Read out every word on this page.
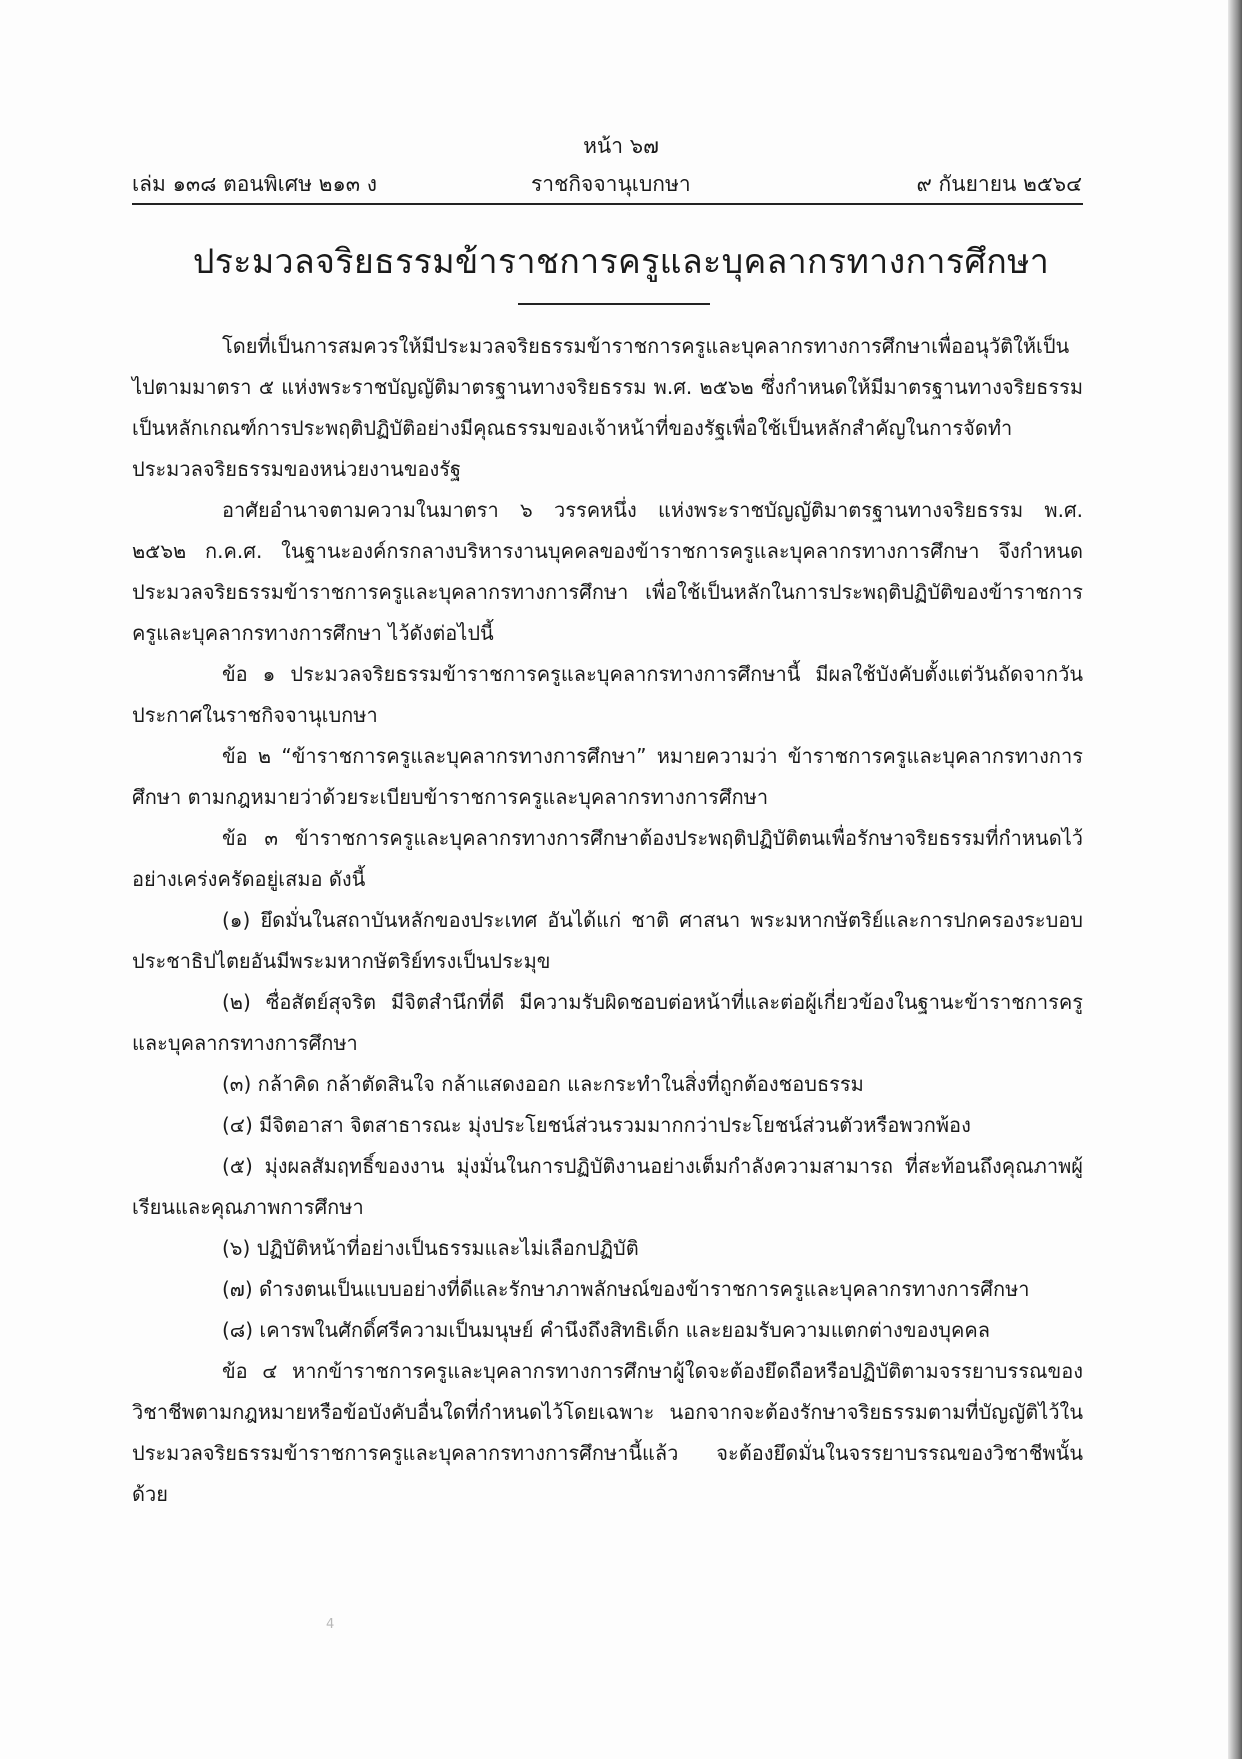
หน้า ๖๗
เล่ม ๑๓๘ ตอนพิเศษ ๒๑๓ ง	ราชกิจจานุเบกษา	๙ กันยายน ๒๕๖๔
ประมวลจริยธรรมข้าราชการครูและบุคลากรทางการศึกษา

โดยที่เป็นการสมควรให้มีประมวลจริยธรรมข้าราชการครูและบุคลากรทางการศึกษาเพื่ออนุวัติให้เป็นไปตามมาตรา ๕ แห่งพระราชบัญญัติมาตรฐานทางจริยธรรม พ.ศ. ๒๕๖๒ ซึ่งกำหนดให้มีมาตรฐานทางจริยธรรมเป็นหลักเกณฑ์การประพฤติปฏิบัติอย่างมีคุณธรรมของเจ้าหน้าที่ของรัฐเพื่อใช้เป็นหลักสำคัญในการจัดทำประมวลจริยธรรมของหน่วยงานของรัฐ

อาศัยอำนาจตามความในมาตรา ๖ วรรคหนึ่ง แห่งพระราชบัญญัติมาตรฐานทางจริยธรรม พ.ศ. ๒๕๖๒ ก.ค.ศ. ในฐานะองค์กรกลางบริหารงานบุคคลของข้าราชการครูและบุคลากรทางการศึกษา จึงกำหนดประมวลจริยธรรมข้าราชการครูและบุคลากรทางการศึกษา เพื่อใช้เป็นหลักในการประพฤติปฏิบัติของข้าราชการครูและบุคลากรทางการศึกษา ไว้ดังต่อไปนี้

ข้อ ๑ ประมวลจริยธรรมข้าราชการครูและบุคลากรทางการศึกษานี้ มีผลใช้บังคับตั้งแต่วันถัดจากวันประกาศในราชกิจจานุเบกษา

ข้อ ๒ “ข้าราชการครูและบุคลากรทางการศึกษา” หมายความว่า ข้าราชการครูและบุคลากรทางการศึกษา ตามกฎหมายว่าด้วยระเบียบข้าราชการครูและบุคลากรทางการศึกษา

ข้อ ๓ ข้าราชการครูและบุคลากรทางการศึกษาต้องประพฤติปฏิบัติตนเพื่อรักษาจริยธรรมที่กำหนดไว้อย่างเคร่งครัดอยู่เสมอ ดังนี้

(๑) ยึดมั่นในสถาบันหลักของประเทศ อันได้แก่ ชาติ ศาสนา พระมหากษัตริย์และการปกครองระบอบประชาธิปไตยอันมีพระมหากษัตริย์ทรงเป็นประมุข

(๒) ซื่อสัตย์สุจริต มีจิตสำนึกที่ดี มีความรับผิดชอบต่อหน้าที่และต่อผู้เกี่ยวข้องในฐานะข้าราชการครูและบุคลากรทางการศึกษา

(๓) กล้าคิด กล้าตัดสินใจ กล้าแสดงออก และกระทำในสิ่งที่ถูกต้องชอบธรรม

(๔) มีจิตอาสา จิตสาธารณะ มุ่งประโยชน์ส่วนรวมมากกว่าประโยชน์ส่วนตัวหรือพวกพ้อง

(๕) มุ่งผลสัมฤทธิ์ของงาน มุ่งมั่นในการปฏิบัติงานอย่างเต็มกำลังความสามารถ ที่สะท้อนถึงคุณภาพผู้เรียนและคุณภาพการศึกษา

(๖) ปฏิบัติหน้าที่อย่างเป็นธรรมและไม่เลือกปฏิบัติ

(๗) ดำรงตนเป็นแบบอย่างที่ดีและรักษาภาพลักษณ์ของข้าราชการครูและบุคลากรทางการศึกษา

(๘) เคารพในศักดิ์ศรีความเป็นมนุษย์ คำนึงถึงสิทธิเด็ก และยอมรับความแตกต่างของบุคคล

ข้อ ๔ หากข้าราชการครูและบุคลากรทางการศึกษาผู้ใดจะต้องยึดถือหรือปฏิบัติตามจรรยาบรรณของวิชาชีพตามกฎหมายหรือข้อบังคับอื่นใดที่กำหนดไว้โดยเฉพาะ นอกจากจะต้องรักษาจริยธรรมตามที่บัญญัติไว้ในประมวลจริยธรรมข้าราชการครูและบุคลากรทางการศึกษานี้แล้ว จะต้องยึดมั่นในจรรยาบรรณของวิชาชีพนั้นด้วย

4
